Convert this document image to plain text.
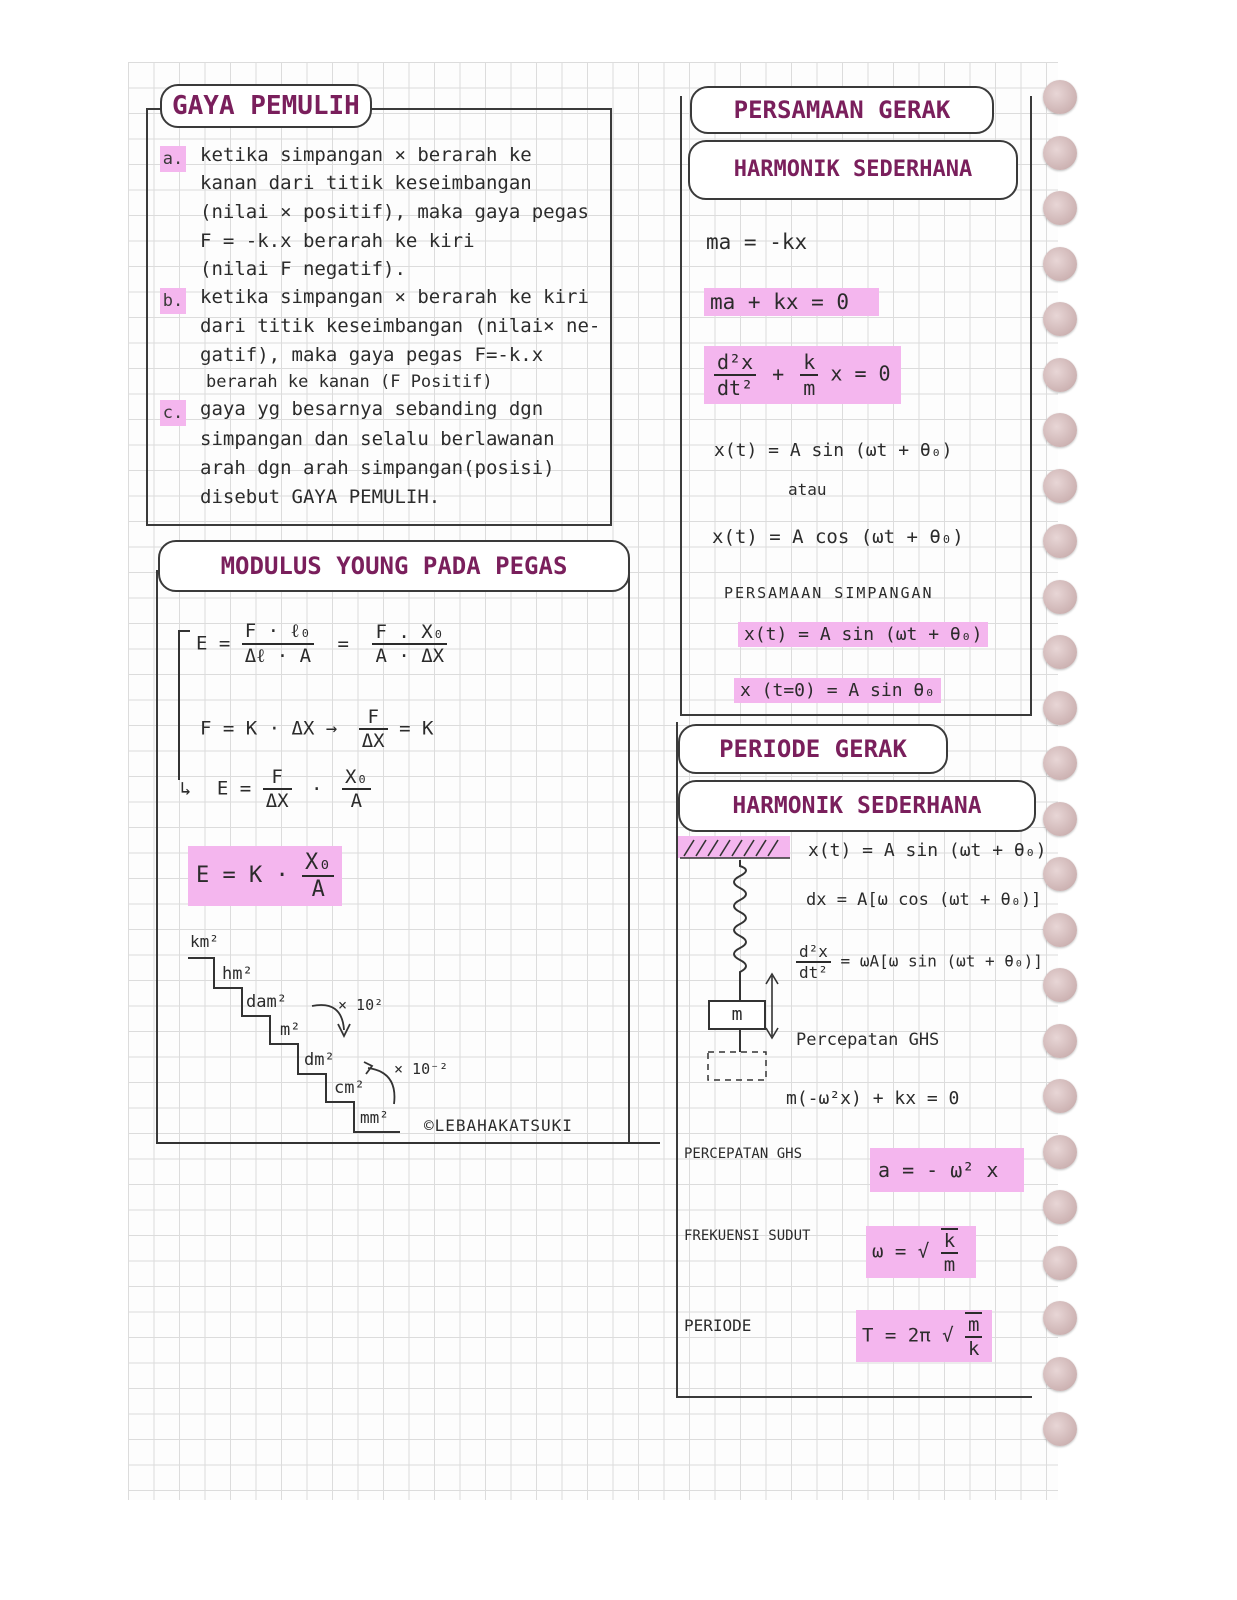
GAYA PEMULIH
a. ketika simpangan × berarah ke
kanan dari titik keseimbangan
(nilai × positif), maka gaya pegas
F = -k.x berarah ke kiri
(nilai F negatif).
b. ketika simpangan × berarah ke kiri
dari titik keseimbangan (nilai× ne-
gatif), maka gaya pegas F=-k.x
berarah ke kanan (F Positif)
c. gaya yg besarnya sebanding dgn
simpangan dan selalu berlawanan
arah dgn arah simpangan(posisi)
disebut GAYA PEMULIH.
MODULUS YOUNG PADA PEGAS
$E = \frac{\text{F · ℓ₀}}{\text{Δℓ · A}} = \frac{\text{F . X₀}}{A \cdot \Delta X}$
$F = K \cdot \Delta X \to \frac{F}{\Delta X} = K$
↳ $E = \frac{F}{\Delta X} \cdot \frac{\text{X₀}}{A}$
$E = K \cdot \frac{\text{X₀}}{A}$
km²
hm²
dam²
m²
dm²
cm²
mm²
× 10²
× 10⁻²
©LEBAHAKATSUKI
PERSAMAAN GERAK
HARMONIK SEDERHANA
ma = -kx
ma + kx = 0
$\frac{\text{d²x}}{\text{dt²}} + \frac{k}{m}$ x = 0
x(t) = A sin (ωt + θ₀)
atau
x(t) = A cos (ωt + θ₀)
PERSAMAAN SIMPANGAN
x(t) = A sin (ωt + θ₀)
x (t=0) = A sin θ₀
PERIODE GERAK
HARMONIK SEDERHANA
m
x(t) = A sin (ωt + θ₀)
dx = A[ω cos (ωt + θ₀)]
$\frac{\text{d²x}}{\text{dt²}} = \omega A[\omega$ sin (ωt + θ₀)]
Percepatan GHS
m(-ω²x) + kx = 0
PERCEPATAN GHS
a = - ω² x
FREKUENSI SUDUT
ω = √ $\frac{k}{m}$
PERIODE	T = 2π √ $\frac{m}{k}$
